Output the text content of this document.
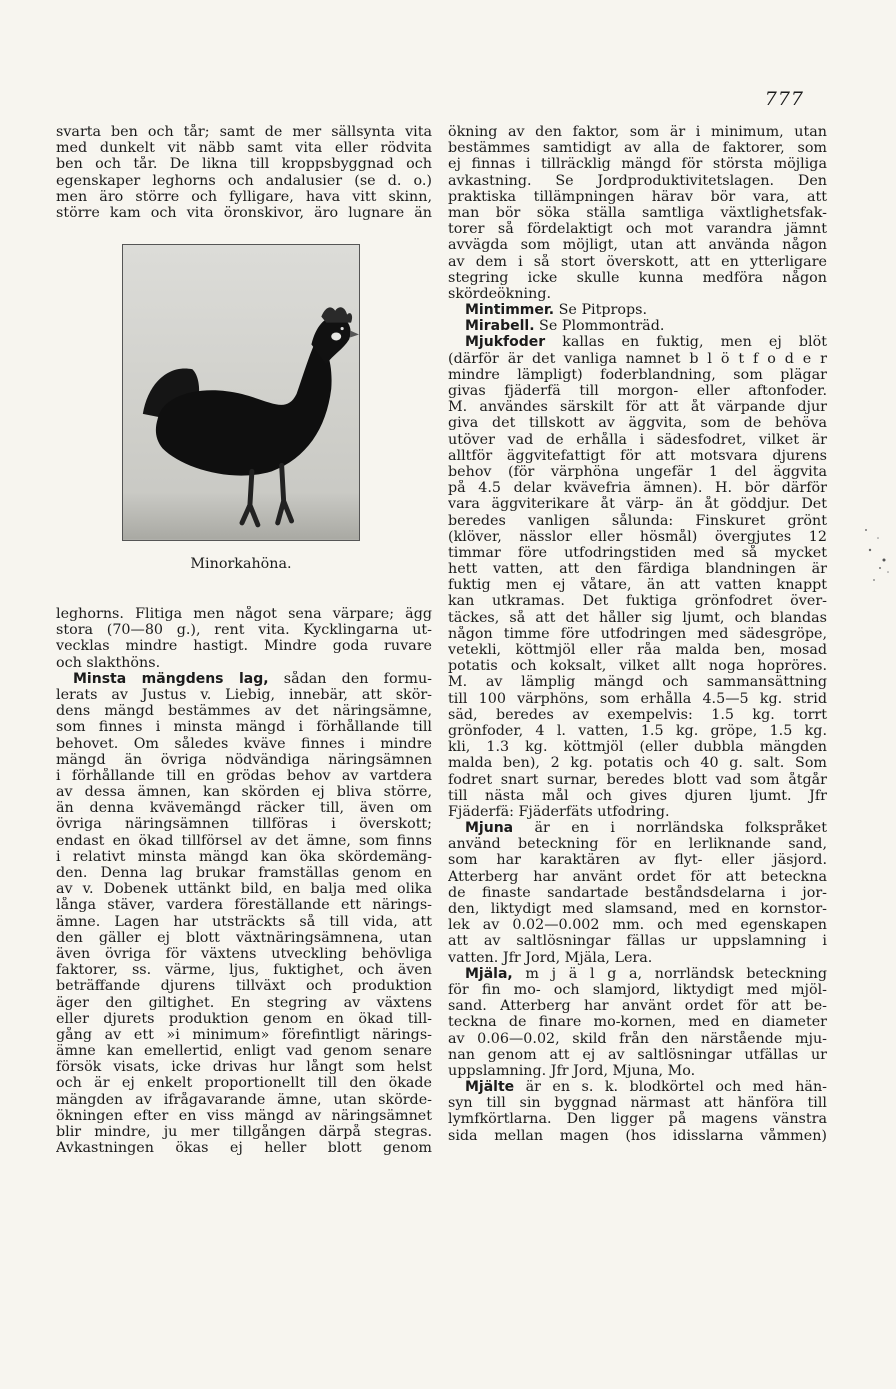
777
svarta ben och tår; samt de mer sällsynta vita
med dunkelt vit näbb samt vita eller rödvita
ben och tår. De likna till kroppsbyggnad och
egenskaper leghorns och andalusier (se d. o.)
men äro större och fylligare, hava vitt skinn,
större kam och vita öronskivor, äro lugnare än
Minorkahöna.
leghorns. Flitiga men något sena värpare; ägg
stora (70—80 g.), rent vita. Kycklingarna ut-
vecklas mindre hastigt. Mindre goda ruvare
och slakthöns.
Minsta mängdens lag, sådan den formu-
lerats av Justus v. Liebig, innebär, att skör-
dens mängd bestämmes av det näringsämne,
som finnes i minsta mängd i förhållande till
behovet. Om således kväve finnes i mindre
mängd än övriga nödvändiga näringsämnen
i förhållande till en grödas behov av vartdera
av dessa ämnen, kan skörden ej bliva större,
än denna kvävemängd räcker till, även om
övriga näringsämnen tillföras i överskott;
endast en ökad tillförsel av det ämne, som finns
i relativt minsta mängd kan öka skördemäng-
den. Denna lag brukar framställas genom en
av v. Dobenek uttänkt bild, en balja med olika
långa stäver, vardera föreställande ett närings-
ämne. Lagen har utsträckts så till vida, att
den gäller ej blott växtnäringsämnena, utan
även övriga för växtens utveckling behövliga
faktorer, ss. värme, ljus, fuktighet, och även
beträffande djurens tillväxt och produktion
äger den giltighet. En stegring av växtens
eller djurets produktion genom en ökad till-
gång av ett »i minimum» förefintligt närings-
ämne kan emellertid, enligt vad genom senare
försök visats, icke drivas hur långt som helst
och är ej enkelt proportionellt till den ökade
mängden av ifrågavarande ämne, utan skörde-
ökningen efter en viss mängd av näringsämnet
blir mindre, ju mer tillgången därpå stegras.
Avkastningen ökas ej heller blott genom
ökning av den faktor, som är i minimum, utan
bestämmes samtidigt av alla de faktorer, som
ej finnas i tillräcklig mängd för största möjliga
avkastning. Se Jordproduktivitetslagen. Den
praktiska tillämpningen härav bör vara, att
man bör söka ställa samtliga växtlighetsfak-
torer så fördelaktigt och mot varandra jämnt
avvägda som möjligt, utan att använda någon
av dem i så stort överskott, att en ytterligare
stegring icke skulle kunna medföra någon
skördeökning.
Mintimmer. Se Pitprops.
Mirabell. Se Plommonträd.
Mjukfoder kallas en fuktig, men ej blöt
(därför är det vanliga namnet b l ö t f o d e r
mindre lämpligt) foderblandning, som plägar
givas fjäderfä till morgon- eller aftonfoder.
M. användes särskilt för att åt värpande djur
giva det tillskott av äggvita, som de behöva
utöver vad de erhålla i sädesfodret, vilket är
alltför äggvitefattigt för att motsvara djurens
behov (för värphöna ungefär 1 del äggvita
på 4.5 delar kvävefria ämnen). H. bör därför
vara äggviterikare åt värp- än åt göddjur. Det
beredes vanligen sålunda: Finskuret grönt
(klöver, nässlor eller hösmål) övergjutes 12
timmar före utfodringstiden med så mycket
hett vatten, att den färdiga blandningen är
fuktig men ej våtare, än att vatten knappt
kan utkramas. Det fuktiga grönfodret över-
täckes, så att det håller sig ljumt, och blandas
någon timme före utfodringen med sädesgröpe,
vetekli, köttmjöl eller råa malda ben, mosad
potatis och koksalt, vilket allt noga hopröres.
M. av lämplig mängd och sammansättning
till 100 värphöns, som erhålla 4.5—5 kg. strid
säd, beredes av exempelvis: 1.5 kg. torrt
grönfoder, 4 l. vatten, 1.5 kg. gröpe, 1.5 kg.
kli, 1.3 kg. köttmjöl (eller dubbla mängden
malda ben), 2 kg. potatis och 40 g. salt. Som
fodret snart surnar, beredes blott vad som åtgår
till nästa mål och gives djuren ljumt. Jfr
Fjäderfä: Fjäderfäts utfodring.
Mjuna är en i norrländska folkspråket
använd beteckning för en lerliknande sand,
som har karaktären av flyt- eller jäsjord.
Atterberg har använt ordet för att beteckna
de finaste sandartade beståndsdelarna i jor-
den, liktydigt med slamsand, med en kornstor-
lek av 0.02—0.002 mm. och med egenskapen
att av saltlösningar fällas ur uppslamning i
vatten. Jfr Jord, Mjäla, Lera.
Mjäla, m j ä l g a, norrländsk beteckning
för fin mo- och slamjord, liktydigt med mjöl-
sand. Atterberg har använt ordet för att be-
teckna de finare mo-kornen, med en diameter
av 0.06—0.02, skild från den närstående mju-
nan genom att ej av saltlösningar utfällas ur
uppslamning. Jfr Jord, Mjuna, Mo.
Mjälte är en s. k. blodkörtel och med hän-
syn till sin byggnad närmast att hänföra till
lymfkörtlarna. Den ligger på magens vänstra
sida mellan magen (hos idisslarna våmmen)
